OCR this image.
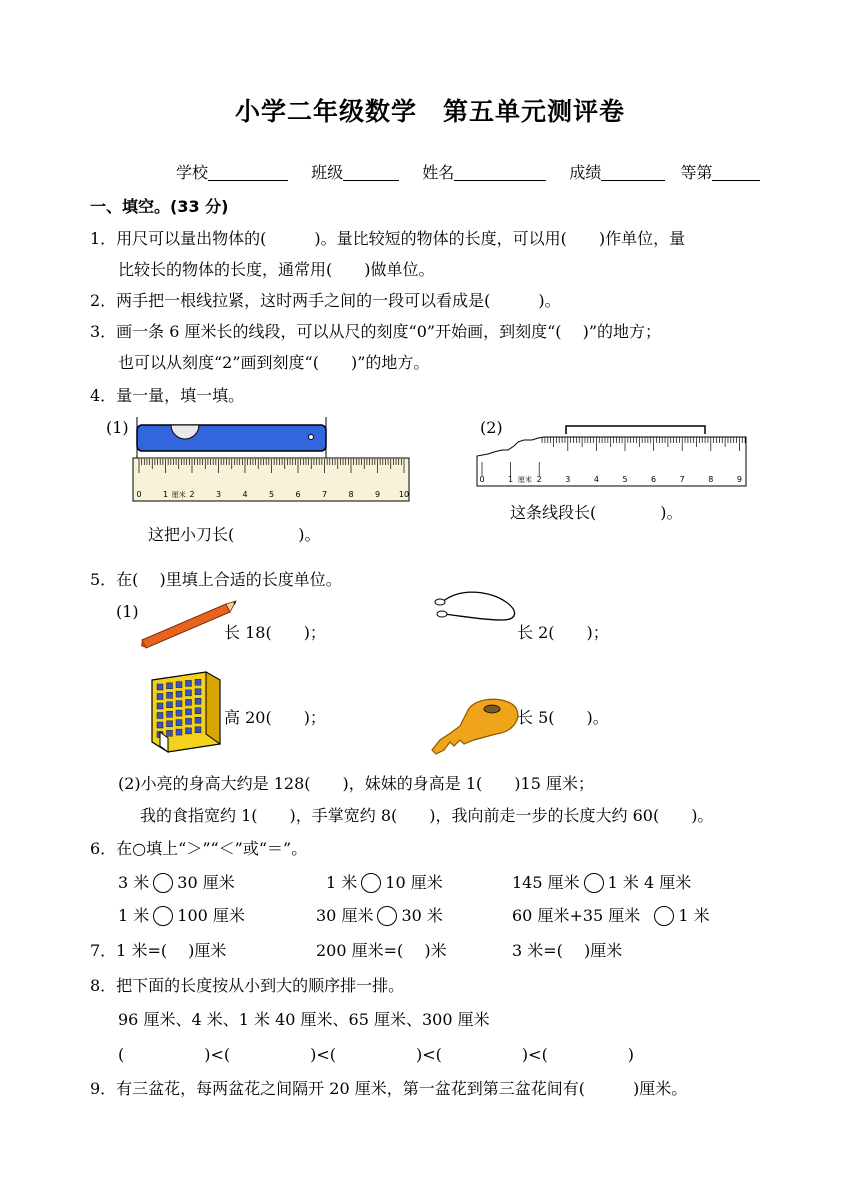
小学二年级数学　第五单元测评卷
学校	班级	姓名	成绩	等第
一、填空。(33 分)
1．用尺可以量出物体的(　　　)。量比较短的物体的长度，可以用(　　)作单位，量
比较长的物体的长度，通常用(　　)做单位。
2．两手把一根线拉紧，这时两手之间的一段可以看成是(　　　)。
3．画一条 6 厘米长的线段，可以从尺的刻度“0”开始画，到刻度“(　 )”的地方；
也可以从刻度“2”画到刻度“(　　)”的地方。
4．量一量，填一填。
(1)	(2)
0	1	2	3	4	5	6	7	8	9 10
厘米
0	1	2	3	4	5	6	7	8	9
厘米
这把小刀长(　　　　)。
这条线段长(　　　　)。
5．在(　 )里填上合适的长度单位。
(1)
长 18(　　)；	长 2(　　)；
高 20(　　)；	长 5(　　)。
(2)小亮的身高大约是 128(　　)，妹妹的身高是 1(　　)15 厘米；
我的食指宽约 1(　　)，手掌宽约 8(　　)，我向前走一步的长度大约 60(　　)。
6．在○填上“＞”“＜”或“＝”。
3 米 30 厘米	1 米 10 厘米	145 厘米 1 米 4 厘米
1 米 100 厘米	30 厘米 30 米	60 厘米+35 厘米 1 米
7．1 米=(　 )厘米	200 厘米=(　 )米	3 米=(　 )厘米
8．把下面的长度按从小到大的顺序排一排。
96 厘米、4 米、1 米 40 厘米、65 厘米、300 厘米
(　　　　　)<(　　　　　)<(　　　　　)<(　　　　　)<(　　　　　)
9．有三盆花，每两盆花之间隔开 20 厘米，第一盆花到第三盆花间有(　　　)厘米。
